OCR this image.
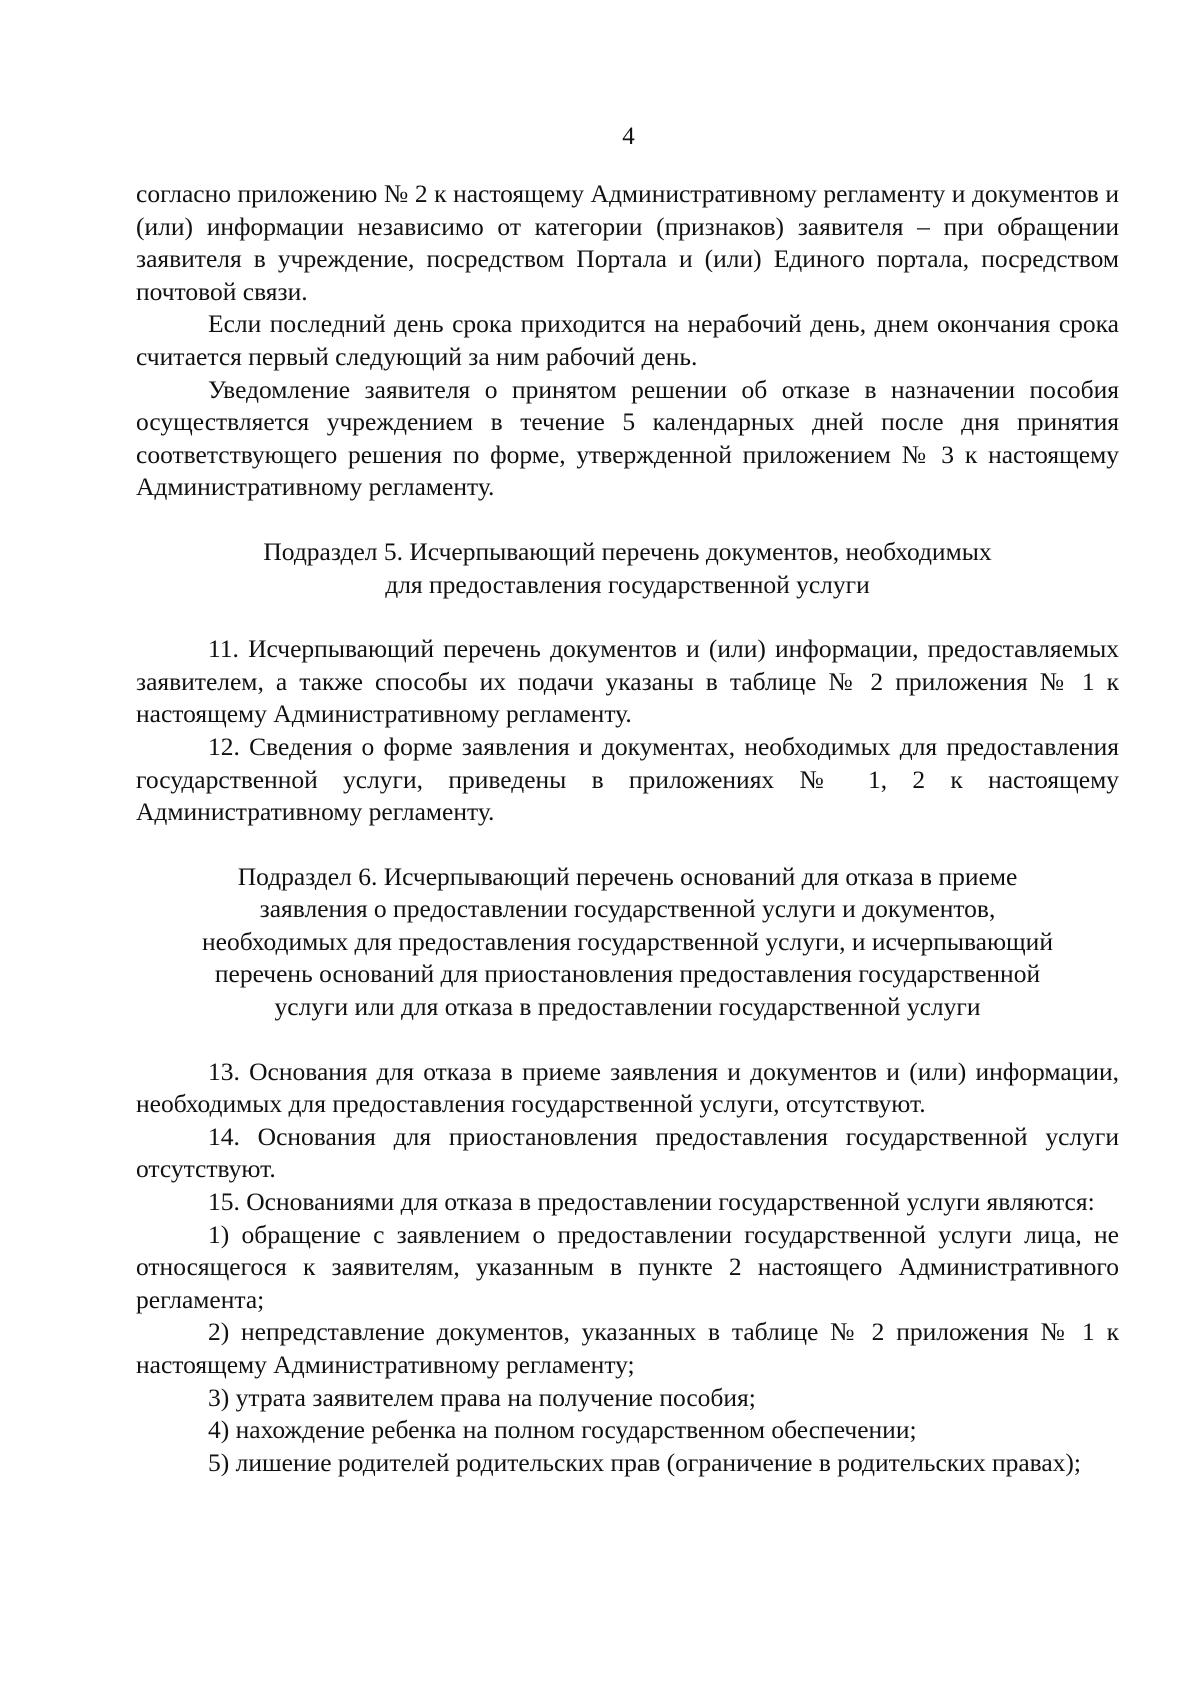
4

согласно приложению № 2 к настоящему Административному регламенту и документов и (или) информации независимо от категории (признаков) заявителя – при обращении заявителя в учреждение, посредством Портала и (или) Единого портала, посредством почтовой связи.

Если последний день срока приходится на нерабочий день, днем окончания срока считается первый следующий за ним рабочий день.

Уведомление заявителя о принятом решении об отказе в назначении пособия осуществляется учреждением в течение 5 календарных дней после дня принятия соответствующего решения по форме, утвержденной приложением № 3 к настоящему Административному регламенту.

Подраздел 5. Исчерпывающий перечень документов, необходимых
для предоставления государственной услуги

11. Исчерпывающий перечень документов и (или) информации, предоставляемых заявителем, а также способы их подачи указаны в таблице № 2 приложения № 1 к настоящему Административному регламенту.

12. Сведения о форме заявления и документах, необходимых для предоставления государственной услуги, приведены в приложениях № 1, 2 к настоящему Административному регламенту.

Подраздел 6. Исчерпывающий перечень оснований для отказа в приеме
заявления о предоставлении государственной услуги и документов,
необходимых для предоставления государственной услуги, и исчерпывающий
перечень оснований для приостановления предоставления государственной
услуги или для отказа в предоставлении государственной услуги

13. Основания для отказа в приеме заявления и документов и (или) информации, необходимых для предоставления государственной услуги, отсутствуют.

14. Основания для приостановления предоставления государственной услуги отсутствуют.

15. Основаниями для отказа в предоставлении государственной услуги являются:

1) обращение с заявлением о предоставлении государственной услуги лица, не относящегося к заявителям, указанным в пункте 2 настоящего Административного регламента;

2) непредставление документов, указанных в таблице № 2 приложения № 1 к настоящему Административному регламенту;

3) утрата заявителем права на получение пособия;

4) нахождение ребенка на полном государственном обеспечении;

5) лишение родителей родительских прав (ограничение в родительских правах);
